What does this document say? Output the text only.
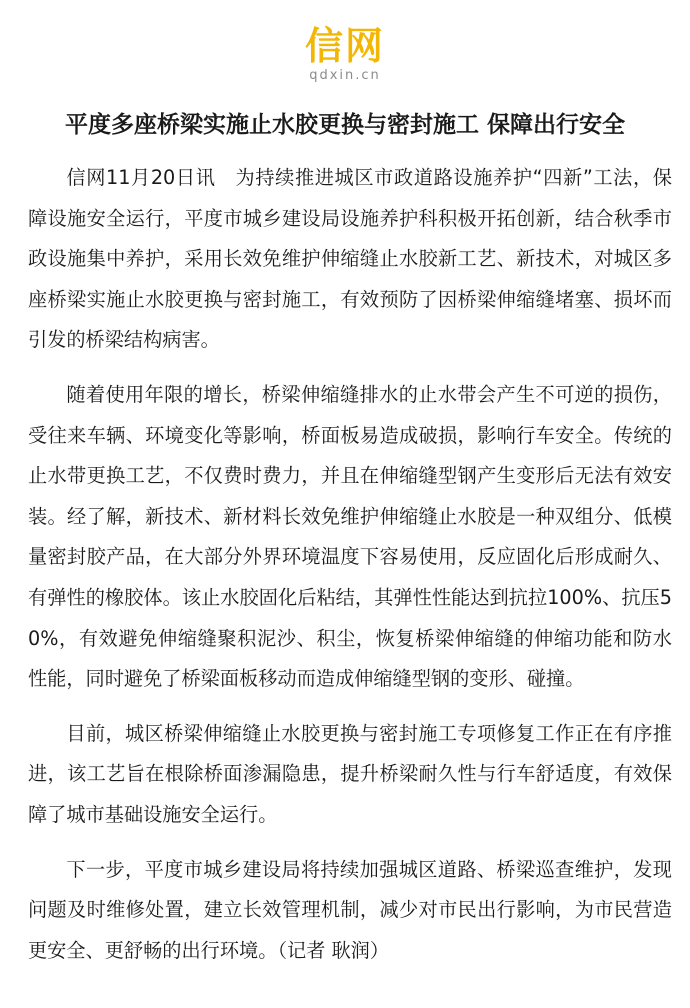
信网
qdxin.cn
平度多座桥梁实施止水胶更换与密封施工 保障出行安全

信网11月20日讯 为持续推进城区市政道路设施养护“四新”工法，保障设施安全运行，平度市城乡建设局设施养护科积极开拓创新，结合秋季市政设施集中养护，采用长效免维护伸缩缝止水胶新工艺、新技术，对城区多座桥梁实施止水胶更换与密封施工，有效预防了因桥梁伸缩缝堵塞、损坏而引发的桥梁结构病害。

随着使用年限的增长，桥梁伸缩缝排水的止水带会产生不可逆的损伤，受往来车辆、环境变化等影响，桥面板易造成破损，影响行车安全。传统的止水带更换工艺，不仅费时费力，并且在伸缩缝型钢产生变形后无法有效安装。经了解，新技术、新材料长效免维护伸缩缝止水胶是一种双组分、低模量密封胶产品，在大部分外界环境温度下容易使用，反应固化后形成耐久、有弹性的橡胶体。该止水胶固化后粘结，其弹性性能达到抗拉100%、抗压50%，有效避免伸缩缝聚积泥沙、积尘，恢复桥梁伸缩缝的伸缩功能和防水性能，同时避免了桥梁面板移动而造成伸缩缝型钢的变形、碰撞。

目前，城区桥梁伸缩缝止水胶更换与密封施工专项修复工作正在有序推进，该工艺旨在根除桥面渗漏隐患，提升桥梁耐久性与行车舒适度，有效保障了城市基础设施安全运行。

下一步，平度市城乡建设局将持续加强城区道路、桥梁巡查维护，发现问题及时维修处置，建立长效管理机制，减少对市民出行影响，为市民营造更安全、更舒畅的出行环境。（记者 耿润）
